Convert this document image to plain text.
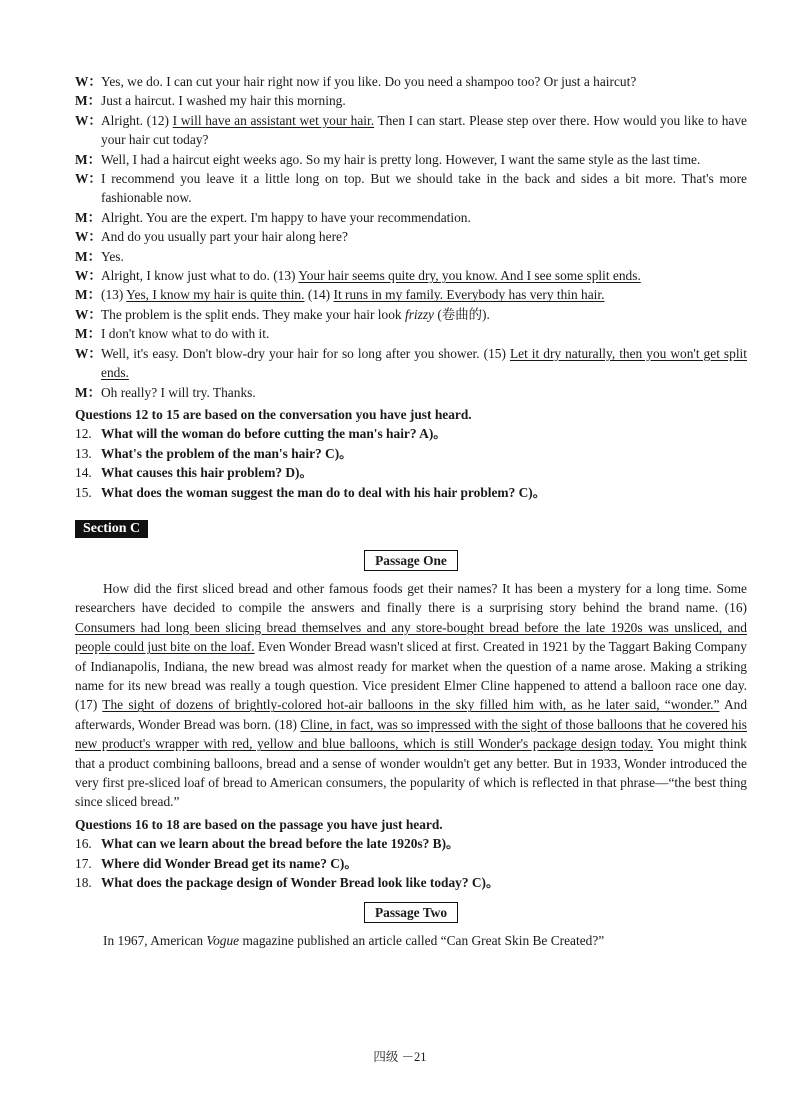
W： Yes, we do. I can cut your hair right now if you like. Do you need a shampoo too? Or just a haircut?
M： Just a haircut. I washed my hair this morning.
W： Alright. (12) I will have an assistant wet your hair. Then I can start. Please step over there. How would you like to have your hair cut today?
M： Well, I had a haircut eight weeks ago. So my hair is pretty long. However, I want the same style as the last time.
W： I recommend you leave it a little long on top. But we should take in the back and sides a bit more. That's more fashionable now.
M： Alright. You are the expert. I'm happy to have your recommendation.
W： And do you usually part your hair along here?
M： Yes.
W： Alright, I know just what to do. (13) Your hair seems quite dry, you know. And I see some split ends.
M： (13) Yes, I know my hair is quite thin. (14) It runs in my family. Everybody has very thin hair.
W： The problem is the split ends. They make your hair look frizzy (卷曲的).
M： I don't know what to do with it.
W： Well, it's easy. Don't blow-dry your hair for so long after you shower. (15) Let it dry naturally, then you won't get split ends.
M： Oh really? I will try. Thanks.
Questions 12 to 15 are based on the conversation you have just heard.
12. What will the woman do before cutting the man's hair? A)。
13. What's the problem of the man's hair? C)。
14. What causes this hair problem? D)。
15. What does the woman suggest the man do to deal with his hair problem? C)。
Section C
Passage One

How did the first sliced bread and other famous foods get their names? It has been a mystery for a long time. Some researchers have decided to compile the answers and finally there is a surprising story behind the brand name. (16) Consumers had long been slicing bread themselves and any store-bought bread before the late 1920s was unsliced, and people could just bite on the loaf. Even Wonder Bread wasn't sliced at first. Created in 1921 by the Taggart Baking Company of Indianapolis, Indiana, the new bread was almost ready for market when the question of a name arose. Making a striking name for its new bread was really a tough question. Vice president Elmer Cline happened to attend a balloon race one day. (17) The sight of dozens of brightly-colored hot-air balloons in the sky filled him with, as he later said, “wonder.” And afterwards, Wonder Bread was born. (18) Cline, in fact, was so impressed with the sight of those balloons that he covered his new product's wrapper with red, yellow and blue balloons, which is still Wonder's package design today. You might think that a product combining balloons, bread and a sense of wonder wouldn't get any better. But in 1933, Wonder introduced the very first pre-sliced loaf of bread to American consumers, the popularity of which is reflected in that phrase—“the best thing since sliced bread.”

Questions 16 to 18 are based on the passage you have just heard.
16. What can we learn about the bread before the late 1920s? B)。
17. Where did Wonder Bread get its name? C)。
18. What does the package design of Wonder Bread look like today? C)。
Passage Two

In 1967, American Vogue magazine published an article called “Can Great Skin Be Created?”

四级 －21
